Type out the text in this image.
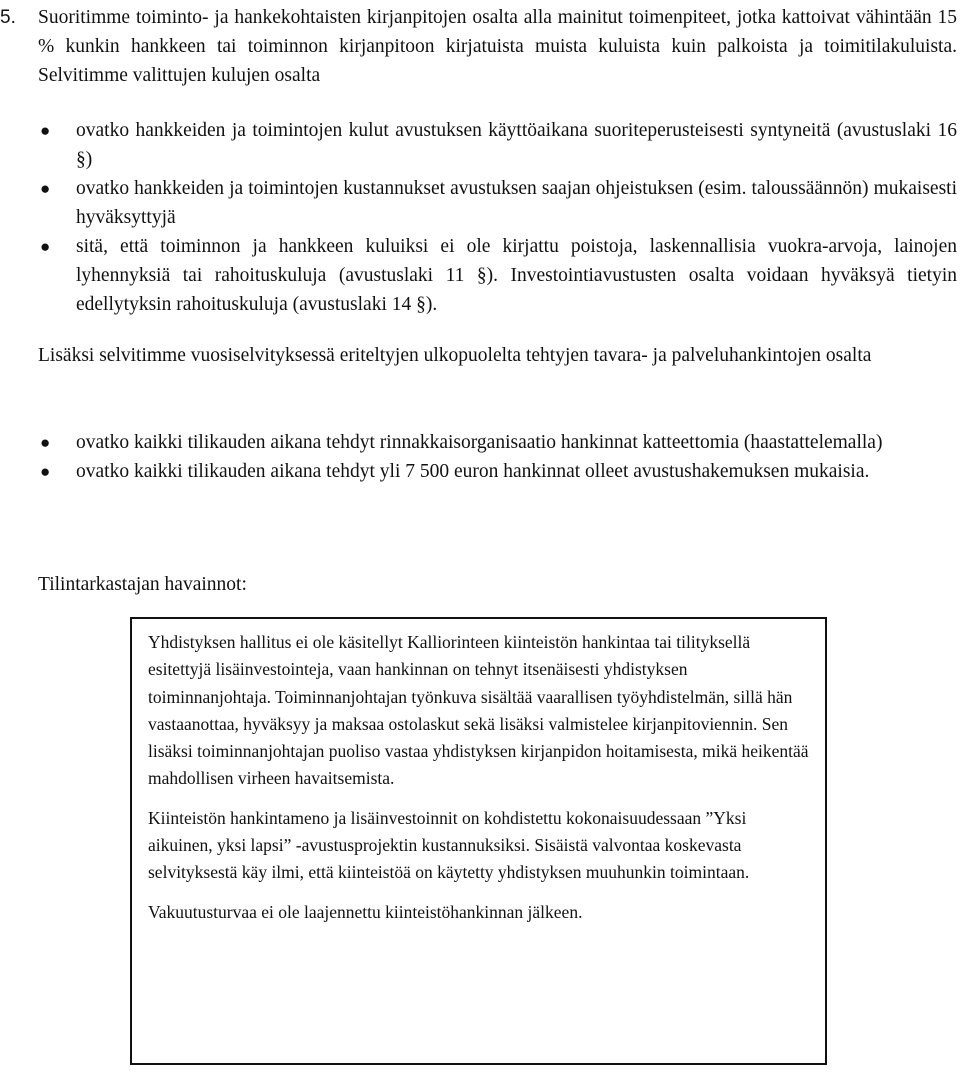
5.	Suoritimme toiminto- ja hankekohtaisten kirjanpitojen osalta alla mainitut toimenpiteet, jotka kattoivat vähintään 15 % kunkin hankkeen tai toiminnon kirjanpitoon kirjatuista muista kuluista kuin palkoista ja toimitilakuluista. Selvitimme valittujen kulujen osalta

● ovatko hankkeiden ja toimintojen kulut avustuksen käyttöaikana suoriteperusteisesti syntyneitä (avustuslaki 16 §)
● ovatko hankkeiden ja toimintojen kustannukset avustuksen saajan ohjeistuksen (esim. taloussäännön) mukaisesti hyväksyttyjä
● sitä, että toiminnon ja hankkeen kuluiksi ei ole kirjattu poistoja, laskennallisia vuokra-arvoja, lainojen lyhennyksiä tai rahoituskuluja (avustuslaki 11 §). Investointiavustusten osalta voidaan hyväksyä tietyin edellytyksin rahoituskuluja (avustuslaki 14 §).

Lisäksi selvitimme vuosiselvityksessä eriteltyjen ulkopuolelta tehtyjen tavara- ja palveluhankintojen osalta

● ovatko kaikki tilikauden aikana tehdyt rinnakkaisorganisaatio hankinnat katteettomia (haastattelemalla)
● ovatko kaikki tilikauden aikana tehdyt yli 7 500 euron hankinnat olleet avustushakemuksen mukaisia.

Tilintarkastajan havainnot:

Yhdistyksen hallitus ei ole käsitellyt Kalliorinteen kiinteistön hankintaa tai tilityksellä esitettyjä lisäinvestointeja, vaan hankinnan on tehnyt itsenäisesti yhdistyksen toiminnanjohtaja. Toiminnanjohtajan työnkuva sisältää vaarallisen työyhdistelmän, sillä hän vastaanottaa, hyväksyy ja maksaa ostolaskut sekä lisäksi valmistelee kirjanpitoviennin. Sen lisäksi toiminnanjohtajan puoliso vastaa yhdistyksen kirjanpidon hoitamisesta, mikä heikentää mahdollisen virheen havaitsemista.

Kiinteistön hankintameno ja lisäinvestoinnit on kohdistettu kokonaisuudessaan ”Yksi aikuinen, yksi lapsi” -avustusprojektin kustannuksiksi. Sisäistä valvontaa koskevasta selvityksestä käy ilmi, että kiinteistöä on käytetty yhdistyksen muuhunkin toimintaan.

Vakuutusturvaa ei ole laajennettu kiinteistöhankinnan jälkeen.
